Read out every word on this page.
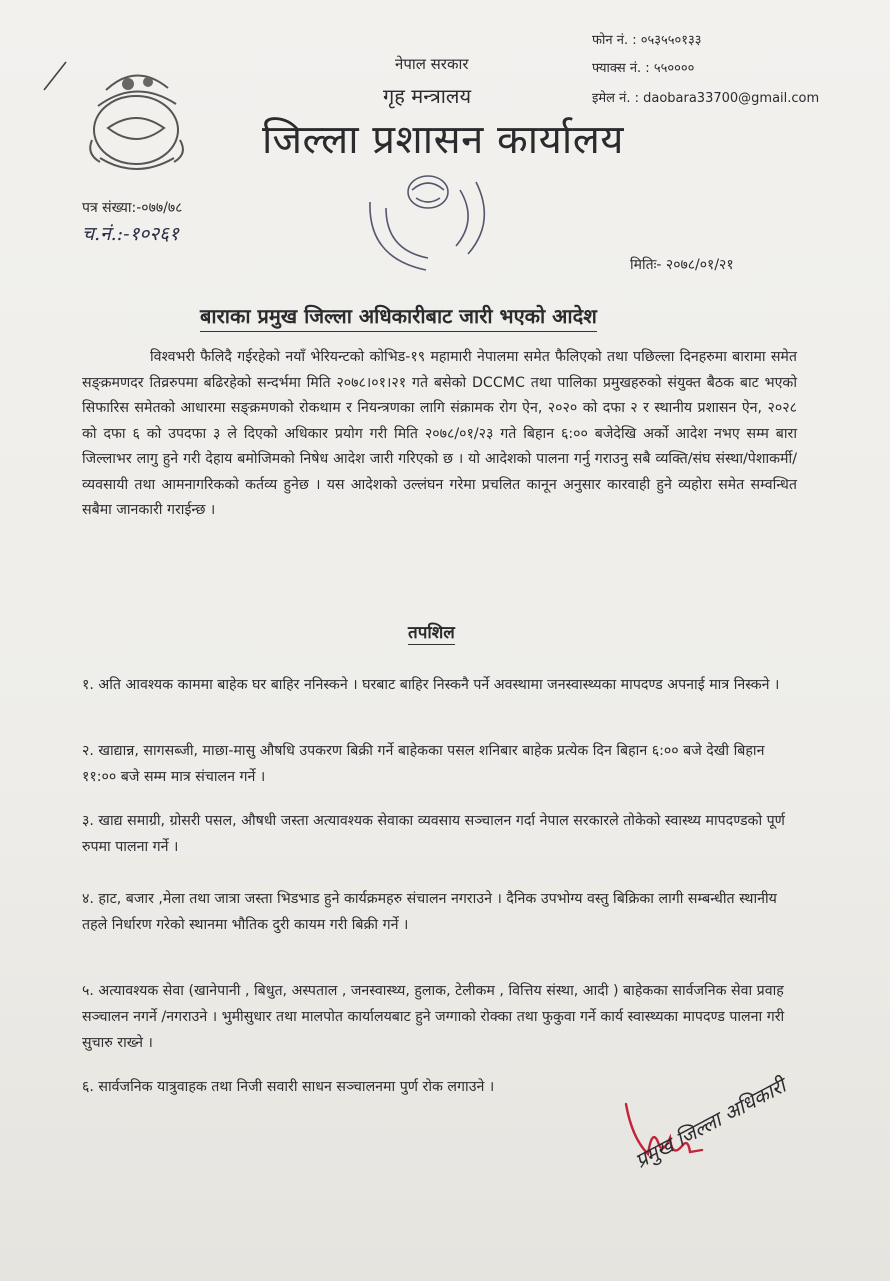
नेपाल सरकार
गृह मन्त्रालय
जिल्ला प्रशासन कार्यालय
फोन नं. : ०५३५५०१३३
फ्याक्स नं. : ५५००००
इमेल नं. : daobara33700@gmail.com
पत्र संख्या:-०७७/७८
च.नं.:-१०२६१
मितिः- २०७८/०१/२१
बाराका प्रमुख जिल्ला अधिकारीबाट जारी भएको आदेश

विश्वभरी फैलिदै गईरहेको नयाँ भेरियन्टको कोभिड-१९ महामारी नेपालमा समेत फैलिएको तथा पछिल्ला दिनहरुमा बारामा समेत सङ्क्रमणदर तिव्ररुपमा बढिरहेको सन्दर्भमा मिति २०७८।०१।२१ गते बसेको DCCMC तथा पालिका प्रमुखहरुको संयुक्त बैठक बाट भएको सिफारिस समेतको आधारमा सङ्क्रमणको रोकथाम र नियन्त्रणका लागि संक्रामक रोग ऐन, २०२० को दफा २ र स्थानीय प्रशासन ऐन, २०२८ को दफा ६ को उपदफा ३ ले दिएको अधिकार प्रयोग गरी मिति २०७८/०१/२३ गते बिहान ६:०० बजेदेखि अर्को आदेश नभए सम्म बारा जिल्लाभर लागु हुने गरी देहाय बमोजिमको निषेध आदेश जारी गरिएको छ । यो आदेशको पालना गर्नु गराउनु सबै व्यक्ति/संघ संस्था/पेशाकर्मी/व्यवसायी तथा आमनागरिकको कर्तव्य हुनेछ । यस आदेशको उल्लंघन गरेमा प्रचलित कानून अनुसार कारवाही हुने व्यहोरा समेत सम्वन्धित सबैमा जानकारी गराईन्छ ।

तपशिल

१. अति आवश्यक काममा बाहेक घर बाहिर ननिस्कने । घरबाट बाहिर निस्कनै पर्ने अवस्थामा जनस्वास्थ्यका मापदण्ड अपनाई मात्र निस्कने ।

२. खाद्यान्न, सागसब्जी, माछा-मासु औषधि उपकरण बिक्री गर्ने बाहेकका पसल शनिबार बाहेक प्रत्येक दिन बिहान ६:०० बजे देखी बिहान ११:०० बजे सम्म मात्र संचालन गर्ने ।

३. खाद्य समाग्री, ग्रोसरी पसल, औषधी जस्ता अत्यावश्यक सेवाका व्यवसाय सञ्चालन गर्दा नेपाल सरकारले तोकेको स्वास्थ्य मापदण्डको पूर्ण रुपमा पालना गर्ने ।

४. हाट, बजार ,मेला तथा जात्रा जस्ता भिडभाड हुने कार्यक्रमहरु संचालन नगराउने । दैनिक उपभोग्य वस्तु बिक्रिका लागी सम्बन्धीत स्थानीय तहले निर्धारण गरेको स्थानमा भौतिक दुरी कायम गरी बिक्री गर्ने ।

५. अत्यावश्यक सेवा (खानेपानी , बिधुत, अस्पताल , जनस्वास्थ्य, हुलाक, टेलीकम , वित्तिय संस्था, आदी ) बाहेकका सार्वजनिक सेवा प्रवाह सञ्चालन नगर्ने /नगराउने । भुमीसुधार तथा मालपोत कार्यालयबाट हुने जग्गाको रोक्का तथा फुकुवा गर्ने कार्य स्वास्थ्यका मापदण्ड पालना गरी सुचारु राख्ने ।

६. सार्वजनिक यात्रुवाहक तथा निजी सवारी साधन सञ्चालनमा पुर्ण रोक लगाउने ।	प्रमुख जिल्ला अधिकारी
